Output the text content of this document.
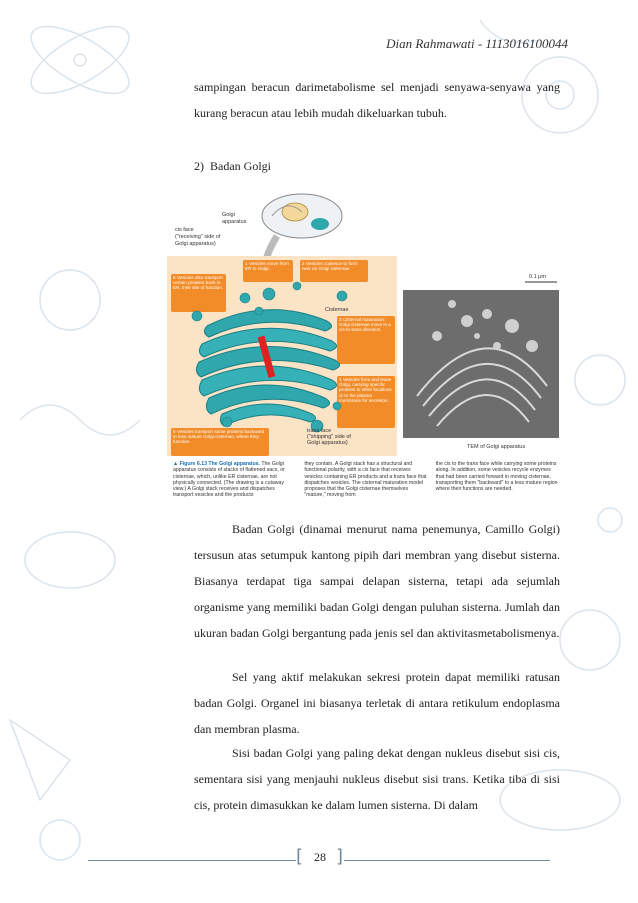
Dian Rahmawati - 1113016100044

sampingan beracun darimetabolisme sel menjadi senyawa-senyawa yang kurang beracun atau lebih mudah dikeluarkan tubuh.

2)  Badan Golgi

Golgi
apparatus
cis face
("receiving" side of
Golgi apparatus)
6 Vesicles also transport certain proteins back to ER, their site of function.
1 Vesicles move from ER to Golgi.
2 Vesicles coalesce to form new cis Golgi cisternae.
3 Cisternal maturation: Golgi cisternae move in a cis-to-trans direction.
4 Vesicles form and leave Golgi, carrying specific proteins to other locations or to the plasma membrane for secretion.
5 Vesicles transport some proteins backward to less mature Golgi cisternae, where they function.
Cisternae
trans face
("shipping" side of
Golgi apparatus)
0.1 μm
TEM of Golgi apparatus
▲ Figure 6.13 The Golgi apparatus. The Golgi apparatus consists of stacks of flattened sacs, or cisternae, which, unlike ER cisternae, are not physically connected. (The drawing is a cutaway view.) A Golgi stack receives and dispatches transport vesicles and the products
they contain. A Golgi stack has a structural and functional polarity, with a cis face that receives vesicles containing ER products and a trans face that dispatches vesicles. The cisternal maturation model proposes that the Golgi cisternae themselves "mature," moving from
the cis to the trans face while carrying some proteins along. In addition, some vesicles recycle enzymes that had been carried forward in moving cisternae, transporting them "backward" to a less mature region where their functions are needed.

Badan Golgi (dinamai menurut nama penemunya, Camillo Golgi) tersusun atas setumpuk kantong pipih dari membran yang disebut sisterna. Biasanya terdapat tiga sampai delapan sisterna, tetapi ada sejumlah organisme yang memiliki badan Golgi dengan puluhan sisterna. Jumlah dan ukuran badan Golgi bergantung pada jenis sel dan aktivitasmetabolismenya.

Sel yang aktif melakukan sekresi protein dapat memiliki ratusan badan Golgi. Organel ini biasanya terletak di antara retikulum endoplasma dan membran plasma.

Sisi badan Golgi yang paling dekat dengan nukleus disebut sisi cis, sementara sisi yang menjauhi nukleus disebut sisi trans. Ketika tiba di sisi cis, protein dimasukkan ke dalam lumen sisterna. Di dalam

[ ]
28
